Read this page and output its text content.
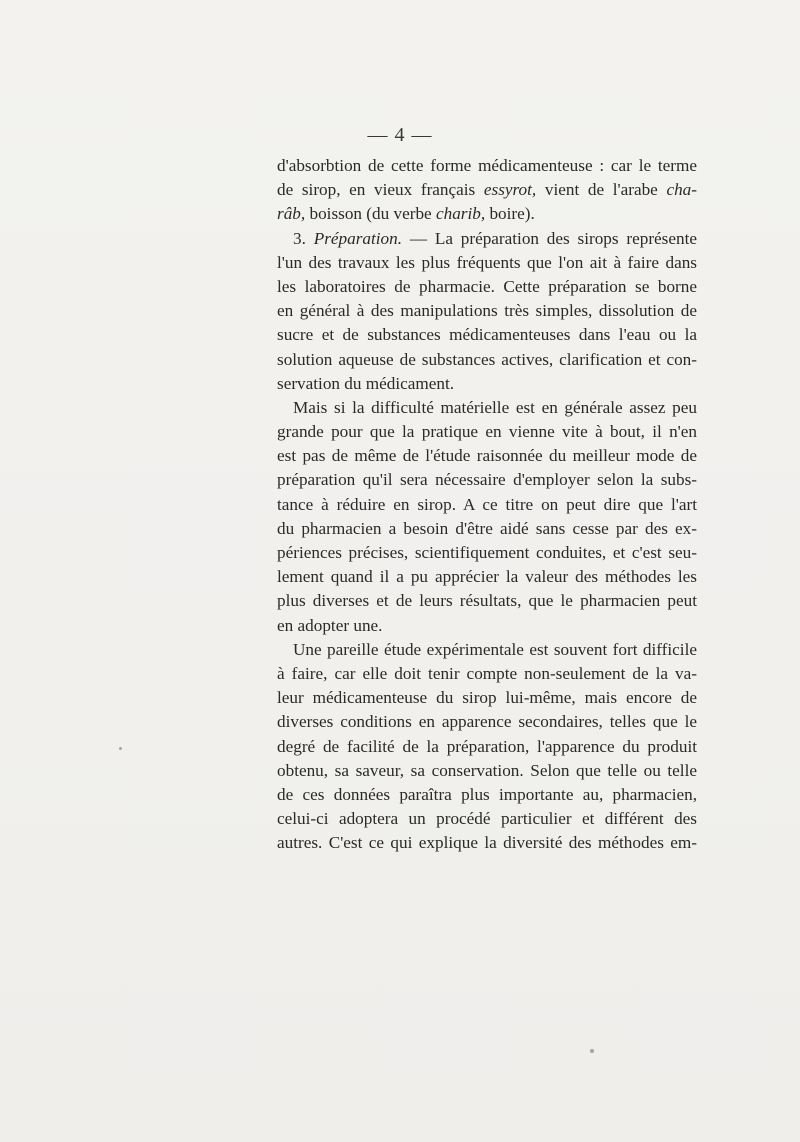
— 4 —
d'absorbtion de cette forme médicamenteuse : car le terme
de sirop, en vieux français essyrot, vient de l'arabe cha-
râb, boisson (du verbe charib, boire).
3. Préparation. — La préparation des sirops représente
l'un des travaux les plus fréquents que l'on ait à faire dans
les laboratoires de pharmacie. Cette préparation se borne
en général à des manipulations très simples, dissolution de
sucre et de substances médicamenteuses dans l'eau ou la
solution aqueuse de substances actives, clarification et con-
servation du médicament.
Mais si la difficulté matérielle est en générale assez peu
grande pour que la pratique en vienne vite à bout, il n'en
est pas de même de l'étude raisonnée du meilleur mode de
préparation qu'il sera nécessaire d'employer selon la subs-
tance à réduire en sirop. A ce titre on peut dire que l'art
du pharmacien a besoin d'être aidé sans cesse par des ex-
périences précises, scientifiquement conduites, et c'est seu-
lement quand il a pu apprécier la valeur des méthodes les
plus diverses et de leurs résultats, que le pharmacien peut
en adopter une.
Une pareille étude expérimentale est souvent fort difficile
à faire, car elle doit tenir compte non-seulement de la va-
leur médicamenteuse du sirop lui-même, mais encore de
diverses conditions en apparence secondaires, telles que le
degré de facilité de la préparation, l'apparence du produit
obtenu, sa saveur, sa conservation. Selon que telle ou telle
de ces données paraîtra plus importante au, pharmacien,
celui-ci adoptera un procédé particulier et différent des
autres. C'est ce qui explique la diversité des méthodes em-
